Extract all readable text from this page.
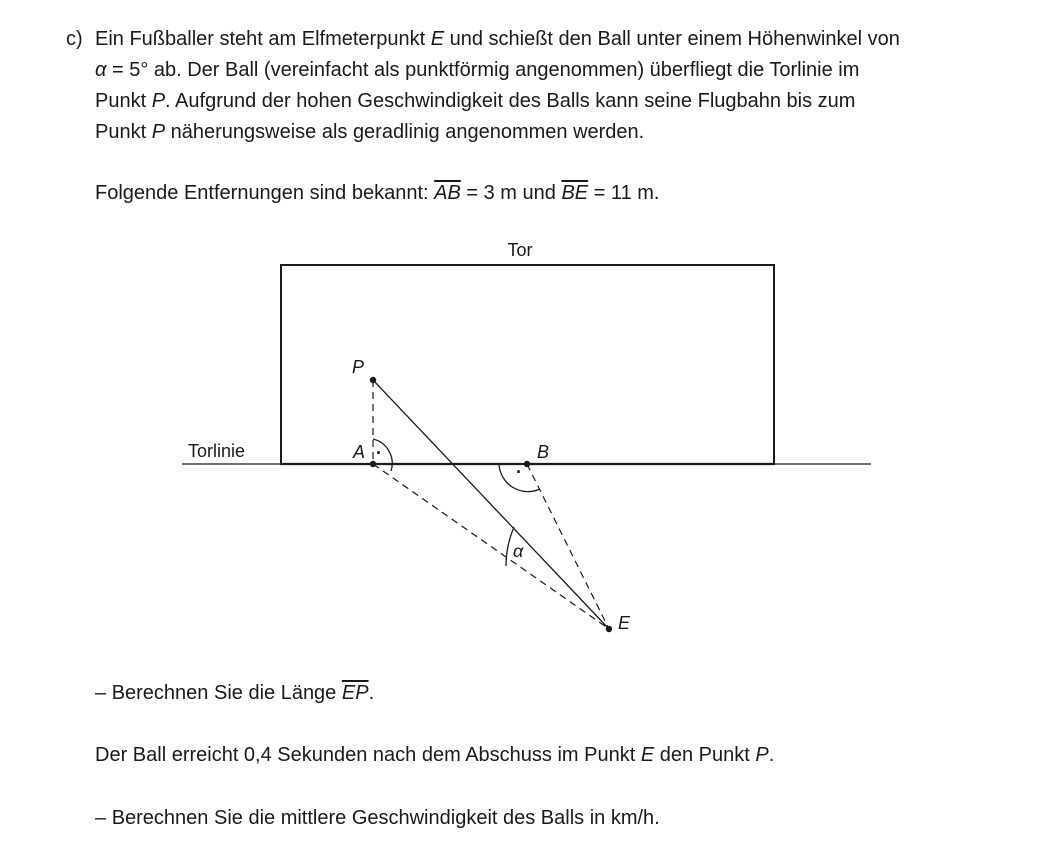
c) Ein Fußballer steht am Elfmeterpunkt E und schießt den Ball unter einem Höhenwinkel von
α = 5° ab. Der Ball (vereinfacht als punktförmig angenommen) überfliegt die Torlinie im
Punkt P. Aufgrund der hohen Geschwindigkeit des Balls kann seine Flugbahn bis zum
Punkt P näherungsweise als geradlinig angenommen werden.
Folgende Entfernungen sind bekannt: $\overline{AB} = 3$ m und $\overline{BE} = 11$ m.
Tor
Torlinie
P
A	B
E
α
·
·
– Berechnen Sie die Länge $\overline{EP}$.
Der Ball erreicht 0,4 Sekunden nach dem Abschuss im Punkt E den Punkt P.
– Berechnen Sie die mittlere Geschwindigkeit des Balls in km/h.
